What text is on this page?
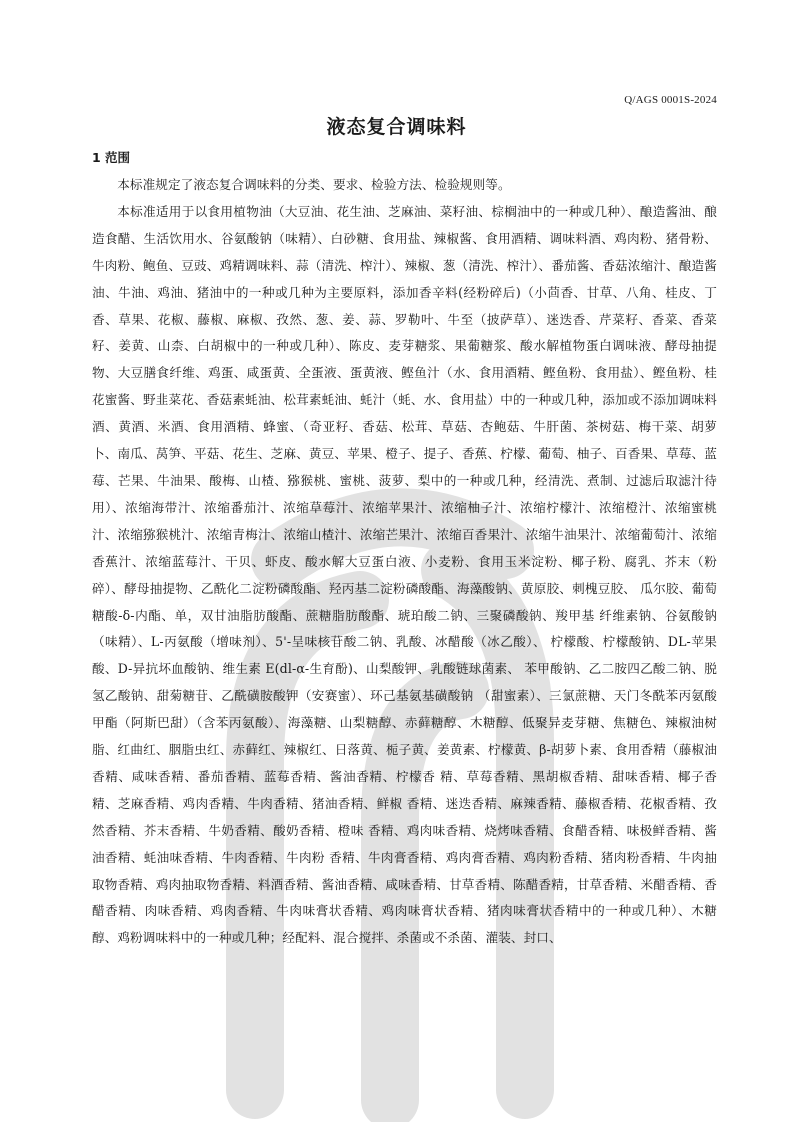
Q/AGS 0001S-2024
液态复合调味料
1 范围

本标准规定了液态复合调味料的分类、要求、检验方法、检验规则等。

本标准适用于以食用植物油（大豆油、花生油、芝麻油、菜籽油、棕榈油中的一种或几种）、酿造酱油、酿造食醋、生活饮用水、谷氨酸钠（味精）、白砂糖、食用盐、辣椒酱、食用酒精、调味料酒、鸡肉粉、猪骨粉、牛肉粉、鲍鱼、豆豉、鸡精调味料、蒜（清洗、榨汁）、辣椒、葱（清洗、榨汁）、番茄酱、香菇浓缩汁、酿造酱油、牛油、鸡油、猪油中的一种或几种为主要原料，添加香辛料(经粉碎后)（小茴香、甘草、八角、桂皮、丁香、草果、花椒、藤椒、麻椒、孜然、葱、姜、蒜、罗勒叶、牛至（披萨草）、迷迭香、芹菜籽、香菜、香菜籽、姜黄、山柰、白胡椒中的一种或几种）、陈皮、麦芽糖浆、果葡糖浆、酸水解植物蛋白调味液、酵母抽提物、大豆膳食纤维、鸡蛋、咸蛋黄、全蛋液、蛋黄液、鲣鱼汁（水、食用酒精、鲣鱼粉、食用盐）、鲣鱼粉、桂花蜜酱、野韭菜花、香菇素蚝油、松茸素蚝油、蚝汁（蚝、水、食用盐）中的一种或几种，添加或不添加调味料酒、黄酒、米酒、食用酒精、蜂蜜、（奇亚籽、香菇、松茸、草菇、杏鲍菇、牛肝菌、茶树菇、梅干菜、胡萝卜、南瓜、莴笋、平菇、花生、芝麻、黄豆、苹果、橙子、提子、香蕉、柠檬、葡萄、柚子、百香果、草莓、蓝莓、芒果、牛油果、酸梅、山楂、猕猴桃、蜜桃、菠萝、梨中的一种或几种，经清洗、煮制、过滤后取滤汁待用）、浓缩海带汁、浓缩番茄汁、浓缩草莓汁、浓缩苹果汁、浓缩柚子汁、浓缩柠檬汁、浓缩橙汁、浓缩蜜桃汁、浓缩猕猴桃汁、浓缩青梅汁、浓缩山楂汁、浓缩芒果汁、浓缩百香果汁、浓缩牛油果汁、浓缩葡萄汁、浓缩香蕉汁、浓缩蓝莓汁、干贝、虾皮、酸水解大豆蛋白液、小麦粉、食用玉米淀粉、椰子粉、腐乳、芥末（粉碎）、酵母抽提物、乙酰化二淀粉磷酸酯、羟丙基二淀粉磷酸酯、海藻酸钠、黄原胶、刺槐豆胶、 瓜尔胶、葡萄糖酸-δ-内酯、单，双甘油脂肪酸酯、蔗糖脂肪酸酯、琥珀酸二钠、三聚磷酸钠、羧甲基 纤维素钠、谷氨酸钠（味精）、L-丙氨酸（增味剂）、5'-呈味核苷酸二钠、乳酸、冰醋酸（冰乙酸）、 柠檬酸、柠檬酸钠、DL-苹果酸、D-异抗坏血酸钠、维生素 E(dl-α-生育酚)、山梨酸钾、乳酸链球菌素、 苯甲酸钠、乙二胺四乙酸二钠、脱氢乙酸钠、甜菊糖苷、乙酰磺胺酸钾（安赛蜜）、环己基氨基磺酸钠 （甜蜜素）、三氯蔗糖、天门冬酰苯丙氨酸甲酯（阿斯巴甜）（含苯丙氨酸）、海藻糖、山梨糖醇、赤藓糖醇、木糖醇、低聚异麦芽糖、焦糖色、辣椒油树脂、红曲红、胭脂虫红、赤藓红、辣椒红、日落黄、栀子黄、姜黄素、柠檬黄、β-胡萝卜素、食用香精（藤椒油香精、咸味香精、番茄香精、蓝莓香精、酱油香精、柠檬香 精、草莓香精、黑胡椒香精、甜味香精、椰子香精、芝麻香精、鸡肉香精、牛肉香精、猪油香精、鲜椒 香精、迷迭香精、麻辣香精、藤椒香精、花椒香精、孜然香精、芥末香精、牛奶香精、酸奶香精、橙味 香精、鸡肉味香精、烧烤味香精、食醋香精、味极鲜香精、酱油香精、蚝油味香精、牛肉香精、牛肉粉 香精、牛肉膏香精、鸡肉膏香精、鸡肉粉香精、猪肉粉香精、牛肉抽取物香精、鸡肉抽取物香精、料酒香精、酱油香精、咸味香精、甘草香精、陈醋香精，甘草香精、米醋香精、香醋香精、肉味香精、鸡肉香精、牛肉味膏状香精、鸡肉味膏状香精、猪肉味膏状香精中的一种或几种）、木糖醇、鸡粉调味料中的一种或几种；经配料、混合搅拌、杀菌或不杀菌、灌装、封口、
